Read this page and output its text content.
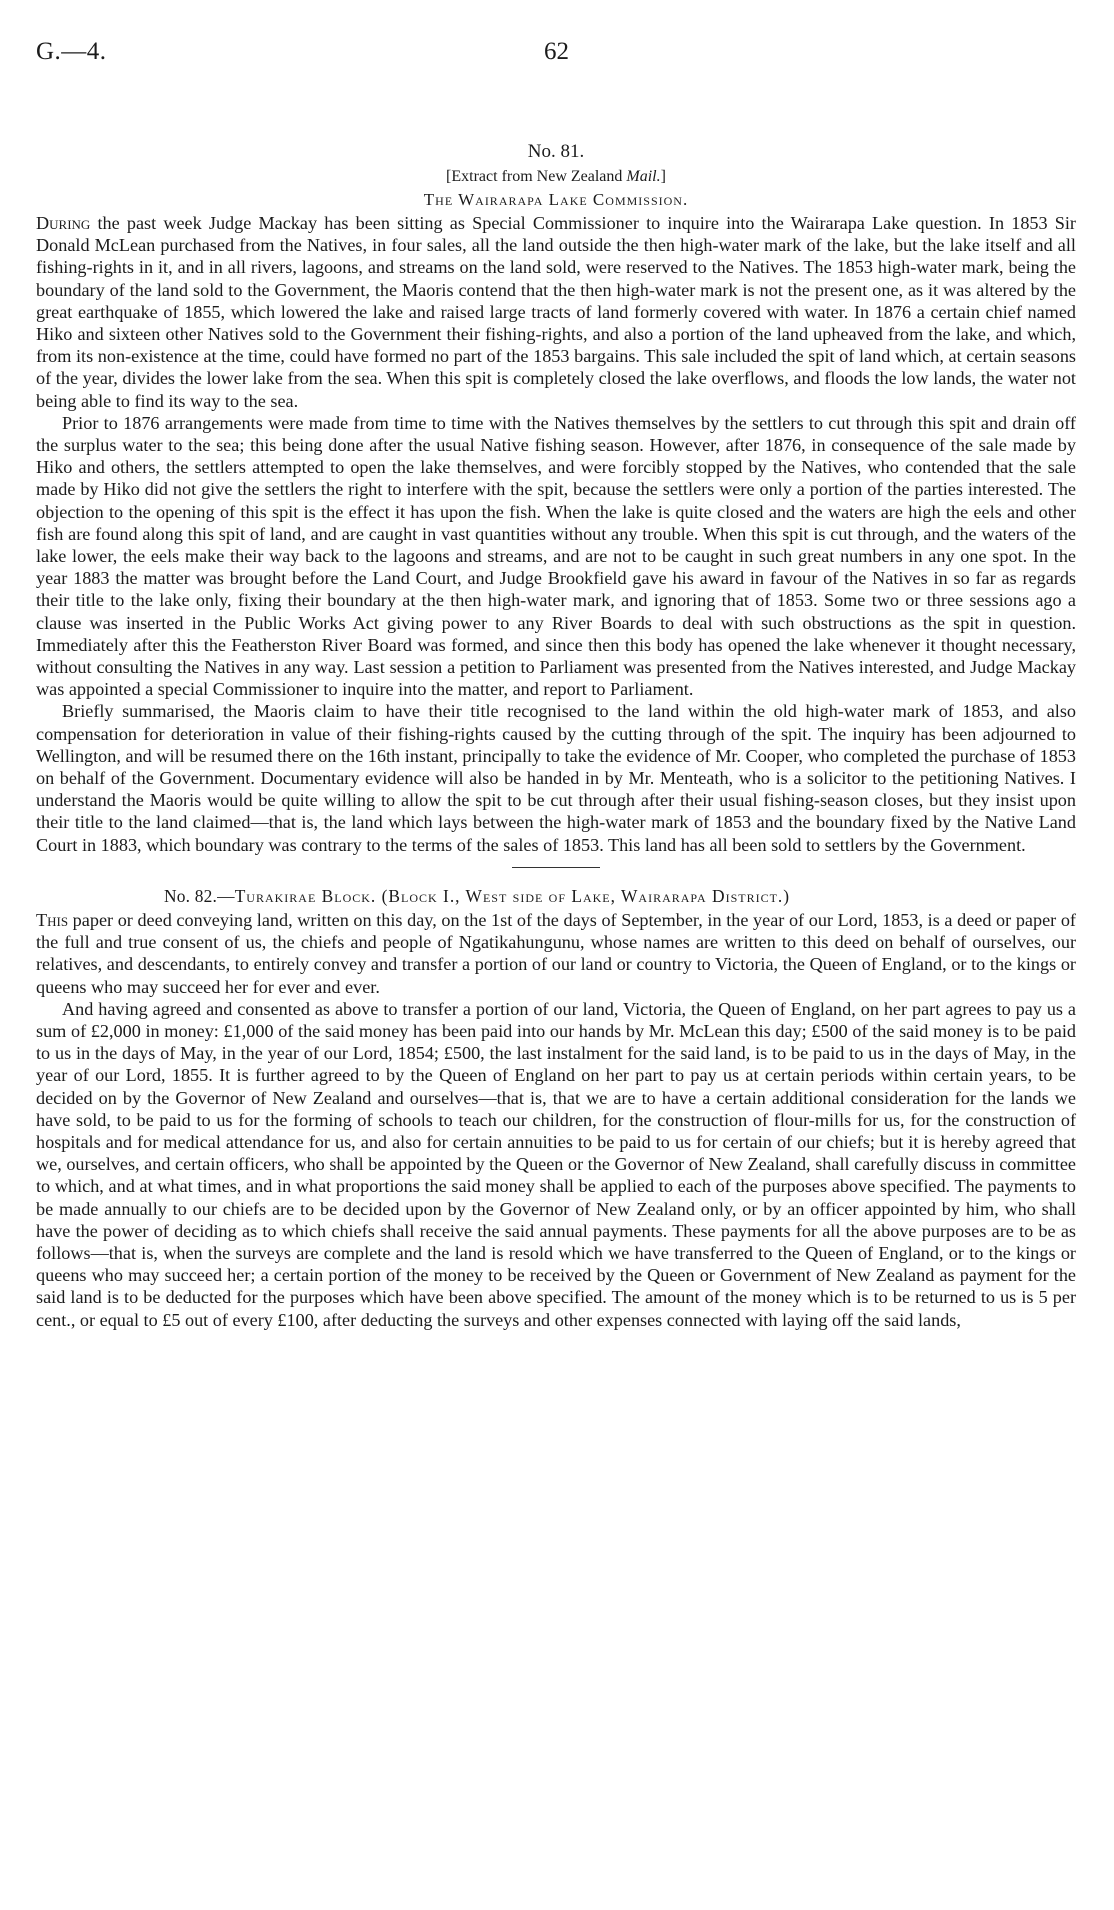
G.—4.	62
No. 81.
[Extract from New Zealand Mail.]
The Wairarapa Lake Commission.

During the past week Judge Mackay has been sitting as Special Commissioner to inquire into the Wairarapa Lake question. In 1853 Sir Donald McLean purchased from the Natives, in four sales, all the land outside the then high-water mark of the lake, but the lake itself and all fishing-rights in it, and in all rivers, lagoons, and streams on the land sold, were reserved to the Natives. The 1853 high-water mark, being the boundary of the land sold to the Government, the Maoris contend that the then high-water mark is not the present one, as it was altered by the great earthquake of 1855, which lowered the lake and raised large tracts of land formerly covered with water. In 1876 a certain chief named Hiko and sixteen other Natives sold to the Government their fishing-rights, and also a portion of the land upheaved from the lake, and which, from its non-existence at the time, could have formed no part of the 1853 bargains. This sale included the spit of land which, at certain seasons of the year, divides the lower lake from the sea. When this spit is completely closed the lake overflows, and floods the low lands, the water not being able to find its way to the sea.

Prior to 1876 arrangements were made from time to time with the Natives themselves by the settlers to cut through this spit and drain off the surplus water to the sea; this being done after the usual Native fishing season. However, after 1876, in consequence of the sale made by Hiko and others, the settlers attempted to open the lake themselves, and were forcibly stopped by the Natives, who contended that the sale made by Hiko did not give the settlers the right to interfere with the spit, because the settlers were only a portion of the parties interested. The objection to the opening of this spit is the effect it has upon the fish. When the lake is quite closed and the waters are high the eels and other fish are found along this spit of land, and are caught in vast quantities without any trouble. When this spit is cut through, and the waters of the lake lower, the eels make their way back to the lagoons and streams, and are not to be caught in such great numbers in any one spot. In the year 1883 the matter was brought before the Land Court, and Judge Brookfield gave his award in favour of the Natives in so far as regards their title to the lake only, fixing their boundary at the then high-water mark, and ignoring that of 1853. Some two or three sessions ago a clause was inserted in the Public Works Act giving power to any River Boards to deal with such obstructions as the spit in question. Immediately after this the Featherston River Board was formed, and since then this body has opened the lake whenever it thought necessary, without consulting the Natives in any way. Last session a petition to Parliament was presented from the Natives interested, and Judge Mackay was appointed a special Commissioner to inquire into the matter, and report to Parliament.

Briefly summarised, the Maoris claim to have their title recognised to the land within the old high-water mark of 1853, and also compensation for deterioration in value of their fishing-rights caused by the cutting through of the spit. The inquiry has been adjourned to Wellington, and will be resumed there on the 16th instant, principally to take the evidence of Mr. Cooper, who completed the purchase of 1853 on behalf of the Government. Documentary evidence will also be handed in by Mr. Menteath, who is a solicitor to the petitioning Natives. I understand the Maoris would be quite willing to allow the spit to be cut through after their usual fishing-season closes, but they insist upon their title to the land claimed—that is, the land which lays between the high-water mark of 1853 and the boundary fixed by the Native Land Court in 1883, which boundary was contrary to the terms of the sales of 1853. This land has all been sold to settlers by the Government.

No. 82.—Turakirae Block. (Block I., West side of Lake, Wairarapa District.)

This paper or deed conveying land, written on this day, on the 1st of the days of September, in the year of our Lord, 1853, is a deed or paper of the full and true consent of us, the chiefs and people of Ngatikahungunu, whose names are written to this deed on behalf of ourselves, our relatives, and descendants, to entirely convey and transfer a portion of our land or country to Victoria, the Queen of England, or to the kings or queens who may succeed her for ever and ever.

And having agreed and consented as above to transfer a portion of our land, Victoria, the Queen of England, on her part agrees to pay us a sum of £2,000 in money: £1,000 of the said money has been paid into our hands by Mr. McLean this day; £500 of the said money is to be paid to us in the days of May, in the year of our Lord, 1854; £500, the last instalment for the said land, is to be paid to us in the days of May, in the year of our Lord, 1855. It is further agreed to by the Queen of England on her part to pay us at certain periods within certain years, to be decided on by the Governor of New Zealand and ourselves—that is, that we are to have a certain additional consideration for the lands we have sold, to be paid to us for the forming of schools to teach our children, for the construction of flour-mills for us, for the construction of hospitals and for medical attendance for us, and also for certain annuities to be paid to us for certain of our chiefs; but it is hereby agreed that we, ourselves, and certain officers, who shall be appointed by the Queen or the Governor of New Zealand, shall carefully discuss in committee to which, and at what times, and in what proportions the said money shall be applied to each of the purposes above specified. The payments to be made annually to our chiefs are to be decided upon by the Governor of New Zealand only, or by an officer appointed by him, who shall have the power of deciding as to which chiefs shall receive the said annual payments. These payments for all the above purposes are to be as follows—that is, when the surveys are complete and the land is resold which we have transferred to the Queen of England, or to the kings or queens who may succeed her; a certain portion of the money to be received by the Queen or Government of New Zealand as payment for the said land is to be deducted for the purposes which have been above specified. The amount of the money which is to be returned to us is 5 per cent., or equal to £5 out of every £100, after deducting the surveys and other expenses connected with laying off the said lands,
